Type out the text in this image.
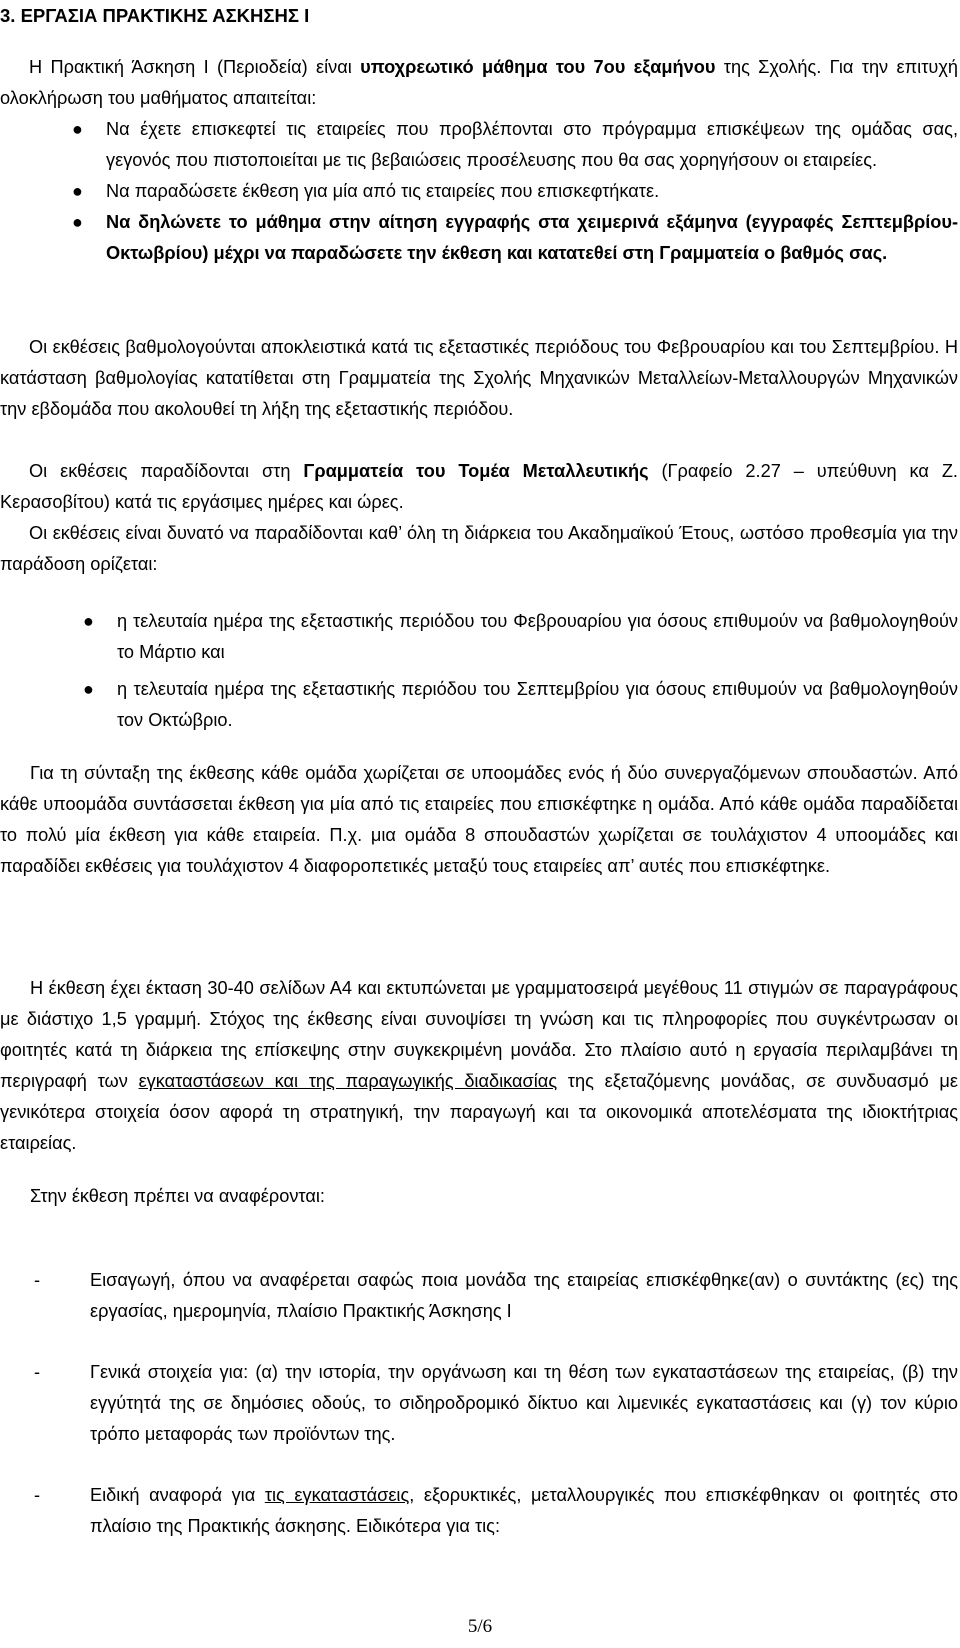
3. ΕΡΓΑΣΙΑ ΠΡΑΚΤΙΚΗΣ ΑΣΚΗΣΗΣ Ι
Η Πρακτική Άσκηση Ι (Περιοδεία) είναι υποχρεωτικό μάθημα του 7ου εξαμήνου της Σχολής. Για την επιτυχή ολοκλήρωση του μαθήματος απαιτείται:
● Να έχετε επισκεφτεί τις εταιρείες που προβλέπονται στο πρόγραμμα επισκέψεων της ομάδας σας, γεγονός που πιστοποιείται με τις βεβαιώσεις προσέλευσης που θα σας χορηγήσουν οι εταιρείες.
● Να παραδώσετε έκθεση για μία από τις εταιρείες που επισκεφτήκατε.
● Να δηλώνετε το μάθημα στην αίτηση εγγραφής στα χειμερινά εξάμηνα (εγγραφές Σεπτεμβρίου-Οκτωβρίου) μέχρι να παραδώσετε την έκθεση και κατατεθεί στη Γραμματεία ο βαθμός σας.
Οι εκθέσεις βαθμολογούνται αποκλειστικά κατά τις εξεταστικές περιόδους του Φεβρουαρίου και του Σεπτεμβρίου. Η κατάσταση βαθμολογίας κατατίθεται στη Γραμματεία της Σχολής Μηχανικών Μεταλλείων-Μεταλλουργών Μηχανικών την εβδομάδα που ακολουθεί τη λήξη της εξεταστικής περιόδου.
Οι εκθέσεις παραδίδονται στη Γραμματεία του Τομέα Μεταλλευτικής (Γραφείο 2.27 – υπεύθυνη κα Ζ. Κερασοβίτου) κατά τις εργάσιμες ημέρες και ώρες.
Οι εκθέσεις είναι δυνατό να παραδίδονται καθ’ όλη τη διάρκεια του Ακαδημαϊκού Έτους, ωστόσο προθεσμία για την παράδοση ορίζεται:
● η τελευταία ημέρα της εξεταστικής περιόδου του Φεβρουαρίου για όσους επιθυμούν να βαθμολογηθούν το Μάρτιο και
● η τελευταία ημέρα της εξεταστικής περιόδου του Σεπτεμβρίου για όσους επιθυμούν να βαθμολογηθούν τον Οκτώβριο.
Για τη σύνταξη της έκθεσης κάθε ομάδα χωρίζεται σε υποομάδες ενός ή δύο συνεργαζόμενων σπουδαστών. Από κάθε υποομάδα συντάσσεται έκθεση για μία από τις εταιρείες που επισκέφτηκε η ομάδα. Από κάθε ομάδα παραδίδεται το πολύ μία έκθεση για κάθε εταιρεία. Π.χ. μια ομάδα 8 σπουδαστών χωρίζεται σε τουλάχιστον 4 υποομάδες και παραδίδει εκθέσεις για τουλάχιστον 4 διαφοροπετικές μεταξύ τους εταιρείες απ’ αυτές που επισκέφτηκε.
Η έκθεση έχει έκταση 30-40 σελίδων Α4 και εκτυπώνεται με γραμματοσειρά μεγέθους 11 στιγμών σε παραγράφους με διάστιχο 1,5 γραμμή. Στόχος της έκθεσης είναι συνοψίσει τη γνώση και τις πληροφορίες που συγκέντρωσαν οι φοιτητές κατά τη διάρκεια της επίσκεψης στην συγκεκριμένη μονάδα. Στο πλαίσιο αυτό η εργασία περιλαμβάνει τη περιγραφή των εγκαταστάσεων και της παραγωγικής διαδικασίας της εξεταζόμενης μονάδας, σε συνδυασμό με γενικότερα στοιχεία όσον αφορά τη στρατηγική, την παραγωγή και τα οικονομικά αποτελέσματα της ιδιοκτήτριας εταιρείας.
Στην έκθεση πρέπει να αναφέρονται:
-	Εισαγωγή, όπου να αναφέρεται σαφώς ποια μονάδα της εταιρείας επισκέφθηκε(αν) ο συντάκτης (ες) της εργασίας, ημερομηνία, πλαίσιο Πρακτικής Άσκησης Ι
-	Γενικά στοιχεία για: (α) την ιστορία, την οργάνωση και τη θέση των εγκαταστάσεων της εταιρείας, (β) την εγγύτητά της σε δημόσιες οδούς, το σιδηροδρομικό δίκτυο και λιμενικές εγκαταστάσεις και (γ) τον κύριο τρόπο μεταφοράς των προϊόντων της.
-	Ειδική αναφορά για τις εγκαταστάσεις, εξορυκτικές, μεταλλουργικές που επισκέφθηκαν οι φοιτητές στο πλαίσιο της Πρακτικής άσκησης. Ειδικότερα για τις:
5/6
